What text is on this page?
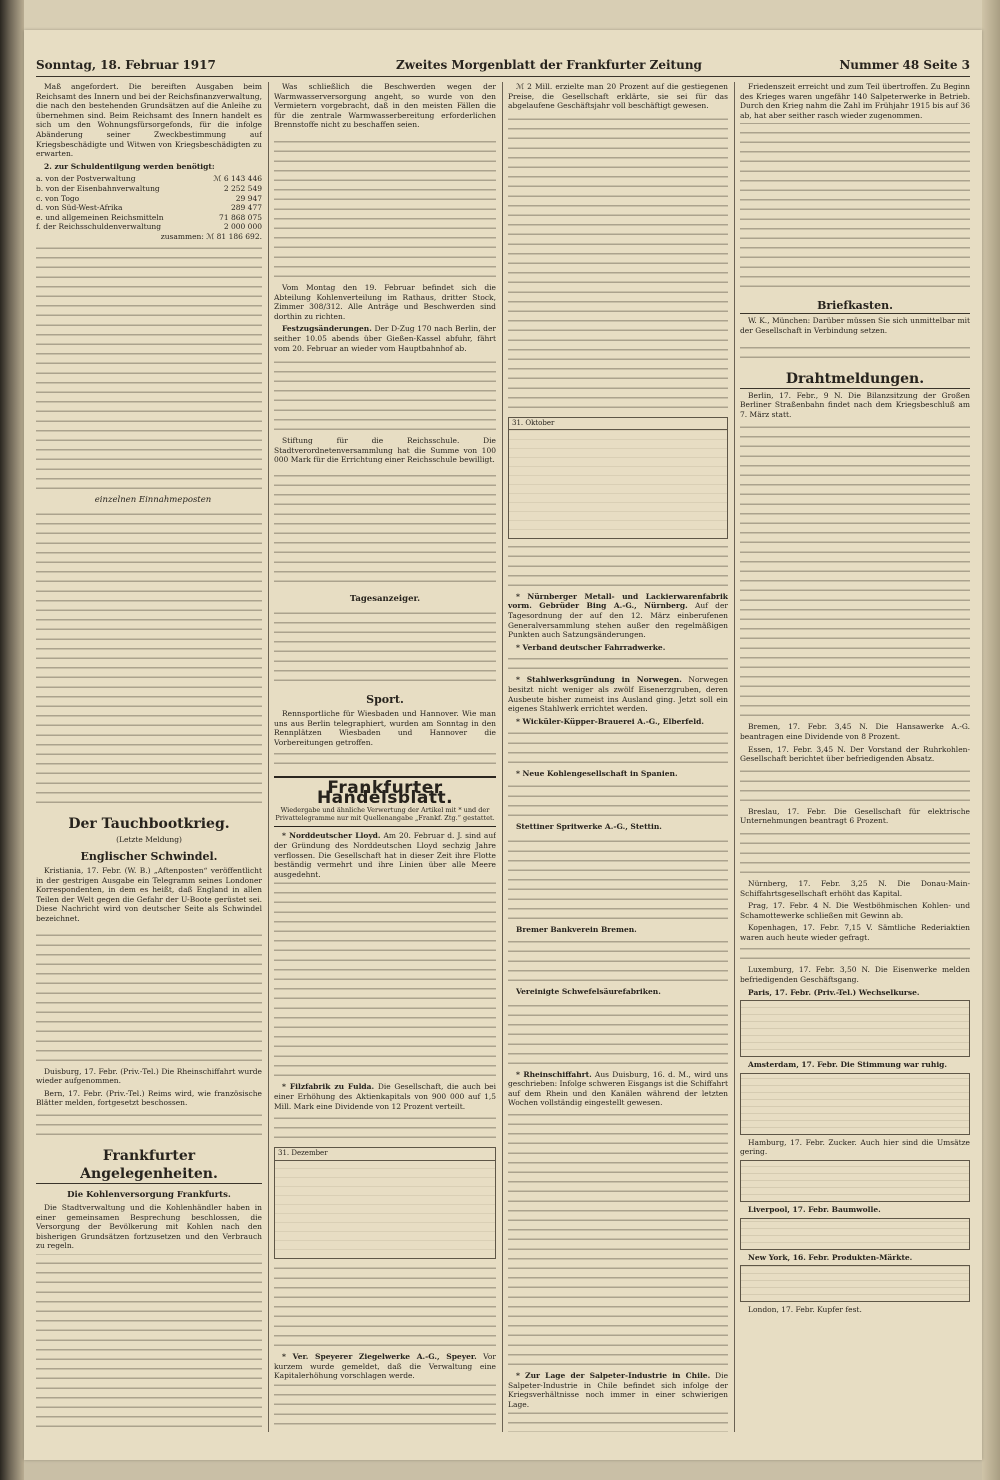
Sonntag, 18. Februar 1917	Zweites Morgenblatt der Frankfurter Zeitung	Nummer 48 Seite 3

Maß angefordert. Die bereiften Ausgaben beim Reichsamt des Innern und bei der Reichsfinanzverwaltung, die nach den bestehenden Grundsätzen auf die Anleihe zu übernehmen sind. Beim Reichsamt des Innern handelt es sich um den Wohnungsfürsorgefonds, für die infolge Abänderung seiner Zweckbestimmung auf Kriegsbeschädigte und Witwen von Kriegsbeschädigten zu erwarten.

2. zur Schuldentilgung werden benötigt:

a. von der Postverwaltung	ℳ 6 143 446
b. von der Eisenbahnverwaltung	2 252 549
c. von Togo	29 947
d. von Süd-West-Afrika	289 477
e. und allgemeinen Reichsmitteln	71 868 075
f. der Reichsschuldenverwaltung	2 000 000

zusammen: ℳ 81 186 692.

einzelnen Einnahmeposten

Der Tauchbootkrieg.
(Letzte Meldung)
Englischer Schwindel.

Kristiania, 17. Febr. (W. B.) „Aftenposten“ veröffentlicht in der gestrigen Ausgabe ein Telegramm seines Londoner Korrespondenten, in dem es heißt, daß England in allen Teilen der Welt gegen die Gefahr der U-Boote gerüstet sei. Diese Nachricht wird von deutscher Seite als Schwindel bezeichnet.

Duisburg, 17. Febr. (Priv.-Tel.) Die Rheinschiffahrt wurde wieder aufgenommen.

Bern, 17. Febr. (Priv.-Tel.) Reims wird, wie französische Blätter melden, fortgesetzt beschossen.

Frankfurter Angelegenheiten.
Die Kohlenversorgung Frankfurts.

Die Stadtverwaltung und die Kohlenhändler haben in einer gemeinsamen Besprechung beschlossen, die Versorgung der Bevölkerung mit Kohlen nach den bisherigen Grundsätzen fortzusetzen und den Verbrauch zu regeln.

Was schließlich die Beschwerden wegen der Warmwasserversorgung angeht, so wurde von den Vermietern vorgebracht, daß in den meisten Fällen die für die zentrale Warmwasserbereitung erforderlichen Brennstoffe nicht zu beschaffen seien.

Vom Montag den 19. Februar befindet sich die Abteilung Kohlenverteilung im Rathaus, dritter Stock, Zimmer 308/312. Alle Anträge und Beschwerden sind dorthin zu richten.

Festzugsänderungen. Der D-Zug 170 nach Berlin, der seither 10.05 abends über Gießen-Kassel abfuhr, fährt vom 20. Februar an wieder vom Hauptbahnhof ab.

Stiftung für die Reichsschule. Die Stadtverordnetenversammlung hat die Summe von 100 000 Mark für die Errichtung einer Reichsschule bewilligt.

Tagesanzeiger.
Sport.

Rennsportliche für Wiesbaden und Hannover. Wie man uns aus Berlin telegraphiert, wurden am Sonntag in den Rennplätzen Wiesbaden und Hannover die Vorbereitungen getroffen.

Frankfurter Handelsblatt.
Wiedergabe und ähnliche Verwertung der Artikel mit * und der Privattelegramme nur mit Quellenangabe „Frankf. Ztg.“ gestattet.

* Norddeutscher Lloyd. Am 20. Februar d. J. sind auf der Gründung des Norddeutschen Lloyd sechzig Jahre verflossen. Die Gesellschaft hat in dieser Zeit ihre Flotte beständig vermehrt und ihre Linien über alle Meere ausgedehnt.

* Filzfabrik zu Fulda. Die Gesellschaft, die auch bei einer Erhöhung des Aktienkapitals von 900 000 auf 1,5 Mill. Mark eine Dividende von 12 Prozent verteilt.

31. Dezember

* Ver. Speyerer Ziegelwerke A.-G., Speyer. Vor kurzem wurde gemeldet, daß die Verwaltung eine Kapitalerhöhung vorschlagen werde.

ℳ 2 Mill. erzielte man 20 Prozent auf die gestiegenen Preise, die Gesellschaft erklärte, sie sei für das abgelaufene Geschäftsjahr voll beschäftigt gewesen.

31. Oktober

* Nürnberger Metall- und Lackierwarenfabrik vorm. Gebrüder Bing A.-G., Nürnberg. Auf der Tagesordnung der auf den 12. März einberufenen Generalversammlung stehen außer den regelmäßigen Punkten auch Satzungsänderungen.

* Verband deutscher Fahrradwerke.

* Stahlwerksgründung in Norwegen. Norwegen besitzt nicht weniger als zwölf Eisenerzgruben, deren Ausbeute bisher zumeist ins Ausland ging. Jetzt soll ein eigenes Stahlwerk errichtet werden.

* Wicküler-Küpper-Brauerei A.-G., Elberfeld.

* Neue Kohlengesellschaft in Spanien.

Stettiner Spritwerke A.-G., Stettin.

Bremer Bankverein Bremen.

Vereinigte Schwefelsäurefabriken.

* Rheinschiffahrt. Aus Duisburg, 16. d. M., wird uns geschrieben: Infolge schweren Eisgangs ist die Schiffahrt auf dem Rhein und den Kanälen während der letzten Wochen vollständig eingestellt gewesen.

* Zur Lage der Salpeter-Industrie in Chile. Die Salpeter-Industrie in Chile befindet sich infolge der Kriegsverhältnisse noch immer in einer schwierigen Lage.

Friedenszeit erreicht und zum Teil übertroffen. Zu Beginn des Krieges waren ungefähr 140 Salpeterwerke in Betrieb. Durch den Krieg nahm die Zahl im Frühjahr 1915 bis auf 36 ab, hat aber seither rasch wieder zugenommen.

Briefkasten.

W. K., München: Darüber müssen Sie sich unmittelbar mit der Gesellschaft in Verbindung setzen.

Drahtmeldungen.

Berlin, 17. Febr., 9 N. Die Bilanzsitzung der Großen Berliner Straßenbahn findet nach dem Kriegsbeschluß am 7. März statt.

Bremen, 17. Febr. 3,45 N. Die Hansawerke A.-G. beantragen eine Dividende von 8 Prozent.

Essen, 17. Febr. 3,45 N. Der Vorstand der Ruhrkohlen-Gesellschaft berichtet über befriedigenden Absatz.

Breslau, 17. Febr. Die Gesellschaft für elektrische Unternehmungen beantragt 6 Prozent.

Nürnberg, 17. Febr. 3,25 N. Die Donau-Main-Schiffahrtsgesellschaft erhöht das Kapital.

Prag, 17. Febr. 4 N. Die Westböhmischen Kohlen- und Schamottewerke schließen mit Gewinn ab.

Kopenhagen, 17. Febr. 7,15 V. Sämtliche Rederiaktien waren auch heute wieder gefragt.

Luxemburg, 17. Febr. 3,50 N. Die Eisenwerke melden befriedigenden Geschäftsgang.

Paris, 17. Febr. (Priv.-Tel.) Wechselkurse.

Amsterdam, 17. Febr. Die Stimmung war ruhig.

Hamburg, 17. Febr. Zucker. Auch hier sind die Umsätze gering.

Liverpool, 17. Febr. Baumwolle.

New York, 16. Febr. Produkten-Märkte.

London, 17. Febr. Kupfer fest.
